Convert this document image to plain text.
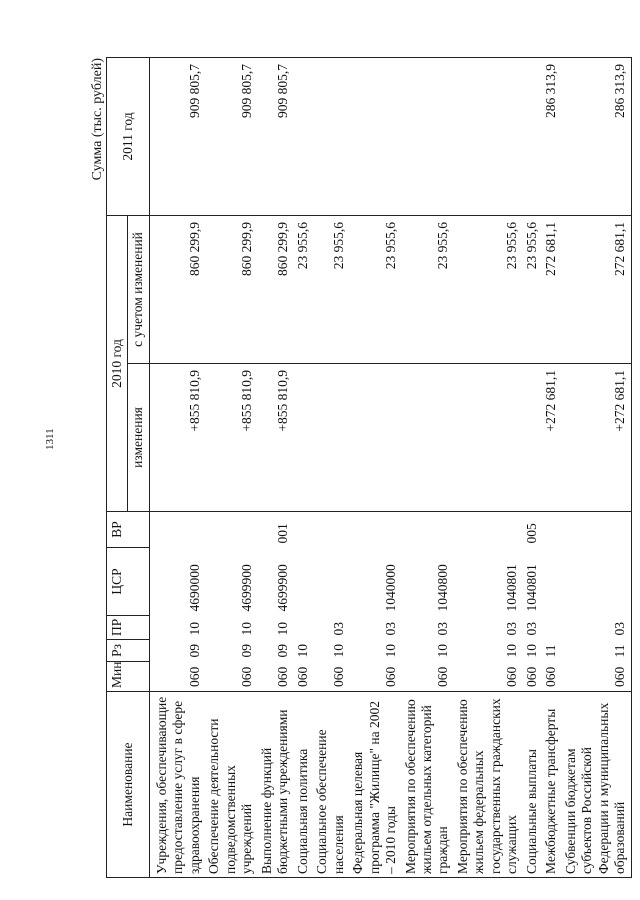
1311
Сумма (тыс. рублей)
Наименование	Мин	Рз	ПР	ЦСР	ВР	2010 год		2011 год
						изменения	с учетом изменений	
Учреждения, обеспечивающие предоставление услуг в сфере здравоохранения	060	09	10	4690000		+855 810,9	860 299,9	909 805,7
Обеспечение деятельности подведомственных учреждений	060	09	10	4699900		+855 810,9	860 299,9	909 805,7
Выполнение функций бюджетными учреждениями	060	09	10	4699900	001	+855 810,9	860 299,9	909 805,7
Социальная политика	060	10					23 955,6	
Социальное обеспечение населения	060	10	03				23 955,6	
Федеральная целевая программа "Жилище" на 2002 – 2010 годы	060	10	03	1040000			23 955,6	
Мероприятия по обеспечению жильем отдельных категорий граждан	060	10	03	1040800			23 955,6	
Мероприятия по обеспечению жильем федеральных государственных гражданских служащих	060	10	03	1040801			23 955,6	
Социальные выплаты	060	10	03	1040801	005		23 955,6	
Межбюджетные трансферты	060	11				+272 681,1	272 681,1	286 313,9
Субвенции бюджетам субъектов Российской Федерации и муниципальных образований	060	11	03			+272 681,1	272 681,1	286 313,9
